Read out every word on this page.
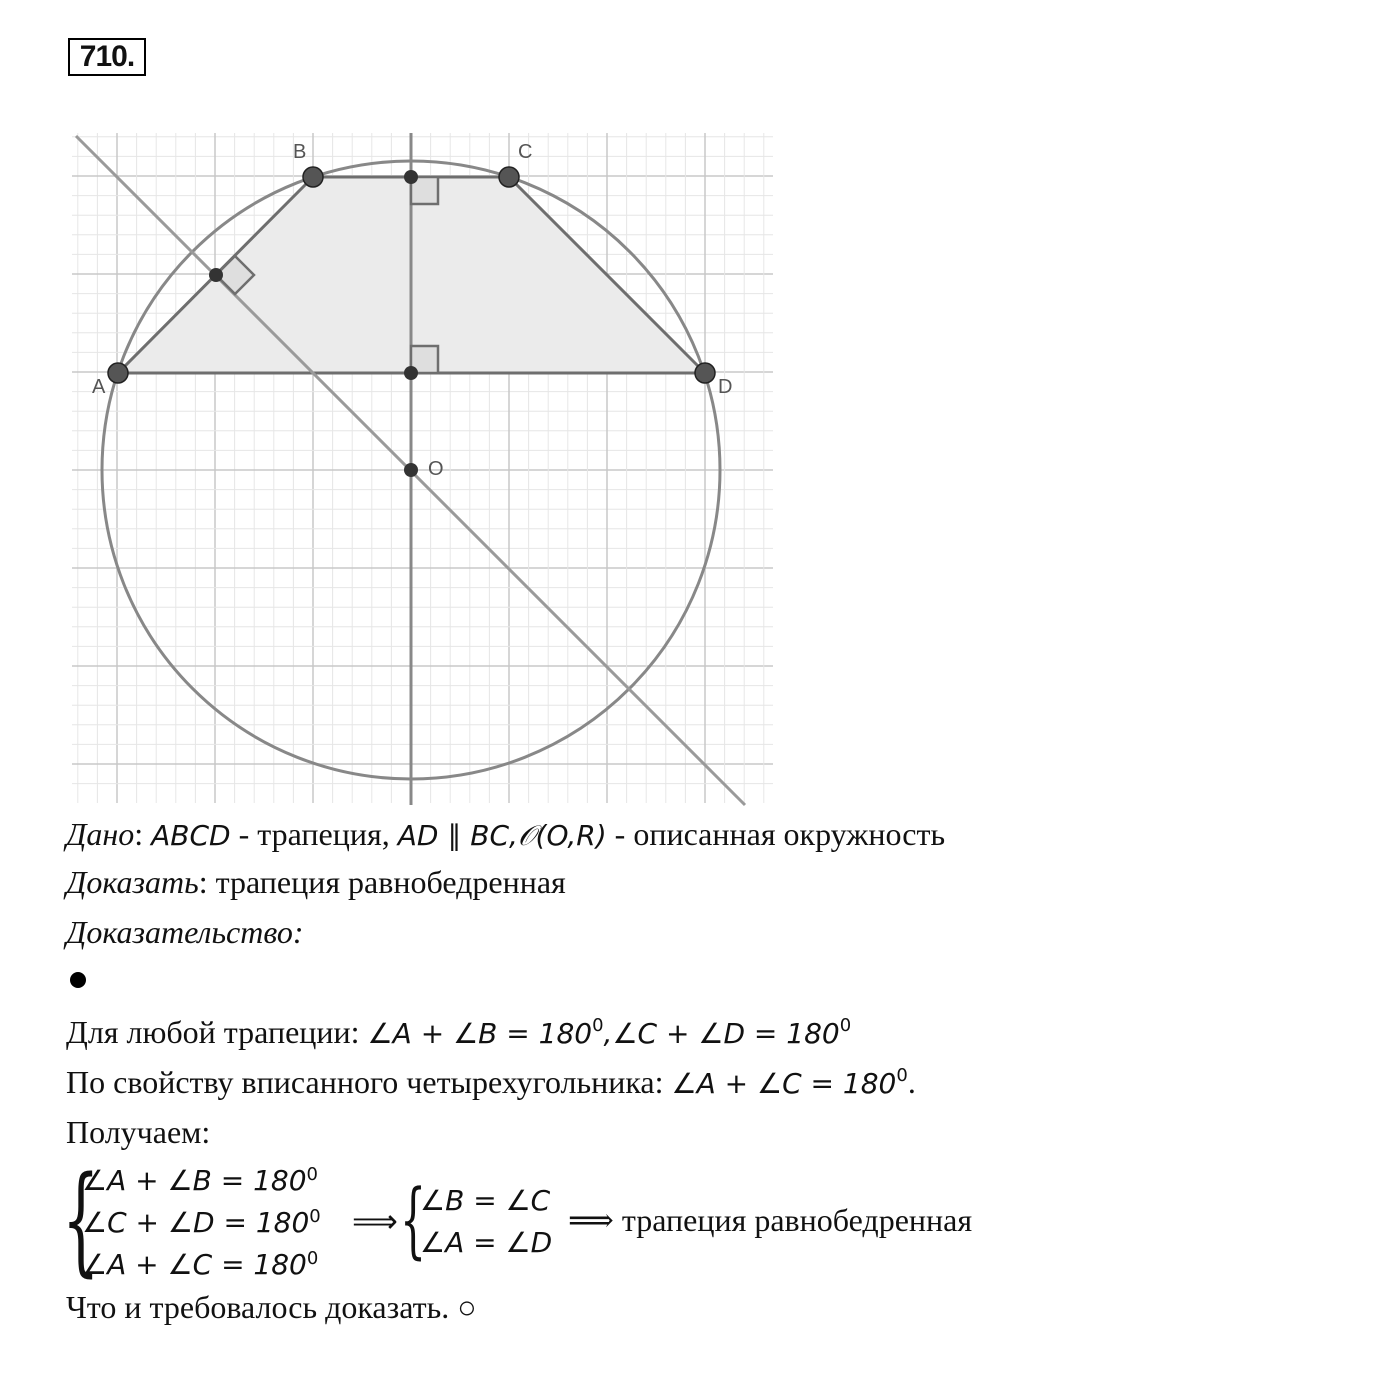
710.
B	C
A	D
O
Дано: ABCD - трапеция, AD ∥ BC,𝒪(O,R) - описанная окружность
Доказать: трапеция равнобедренная
Доказательство:
Для любой трапеции: ∠A + ∠B = $180^0,\angle C$ + ∠D = $180^0$
По свойству вписанного четырехугольника: ∠A + ∠C = $180^0$.
Получаем:
{
∠A + ∠B = $180^0$
∠C + ∠D = $180^0$
∠A + ∠C = $180^0$
⟹ {
∠B = ∠C
∠A = ∠D
⟹ трапеция равнобедренная
Что и требовалось доказать. ○
